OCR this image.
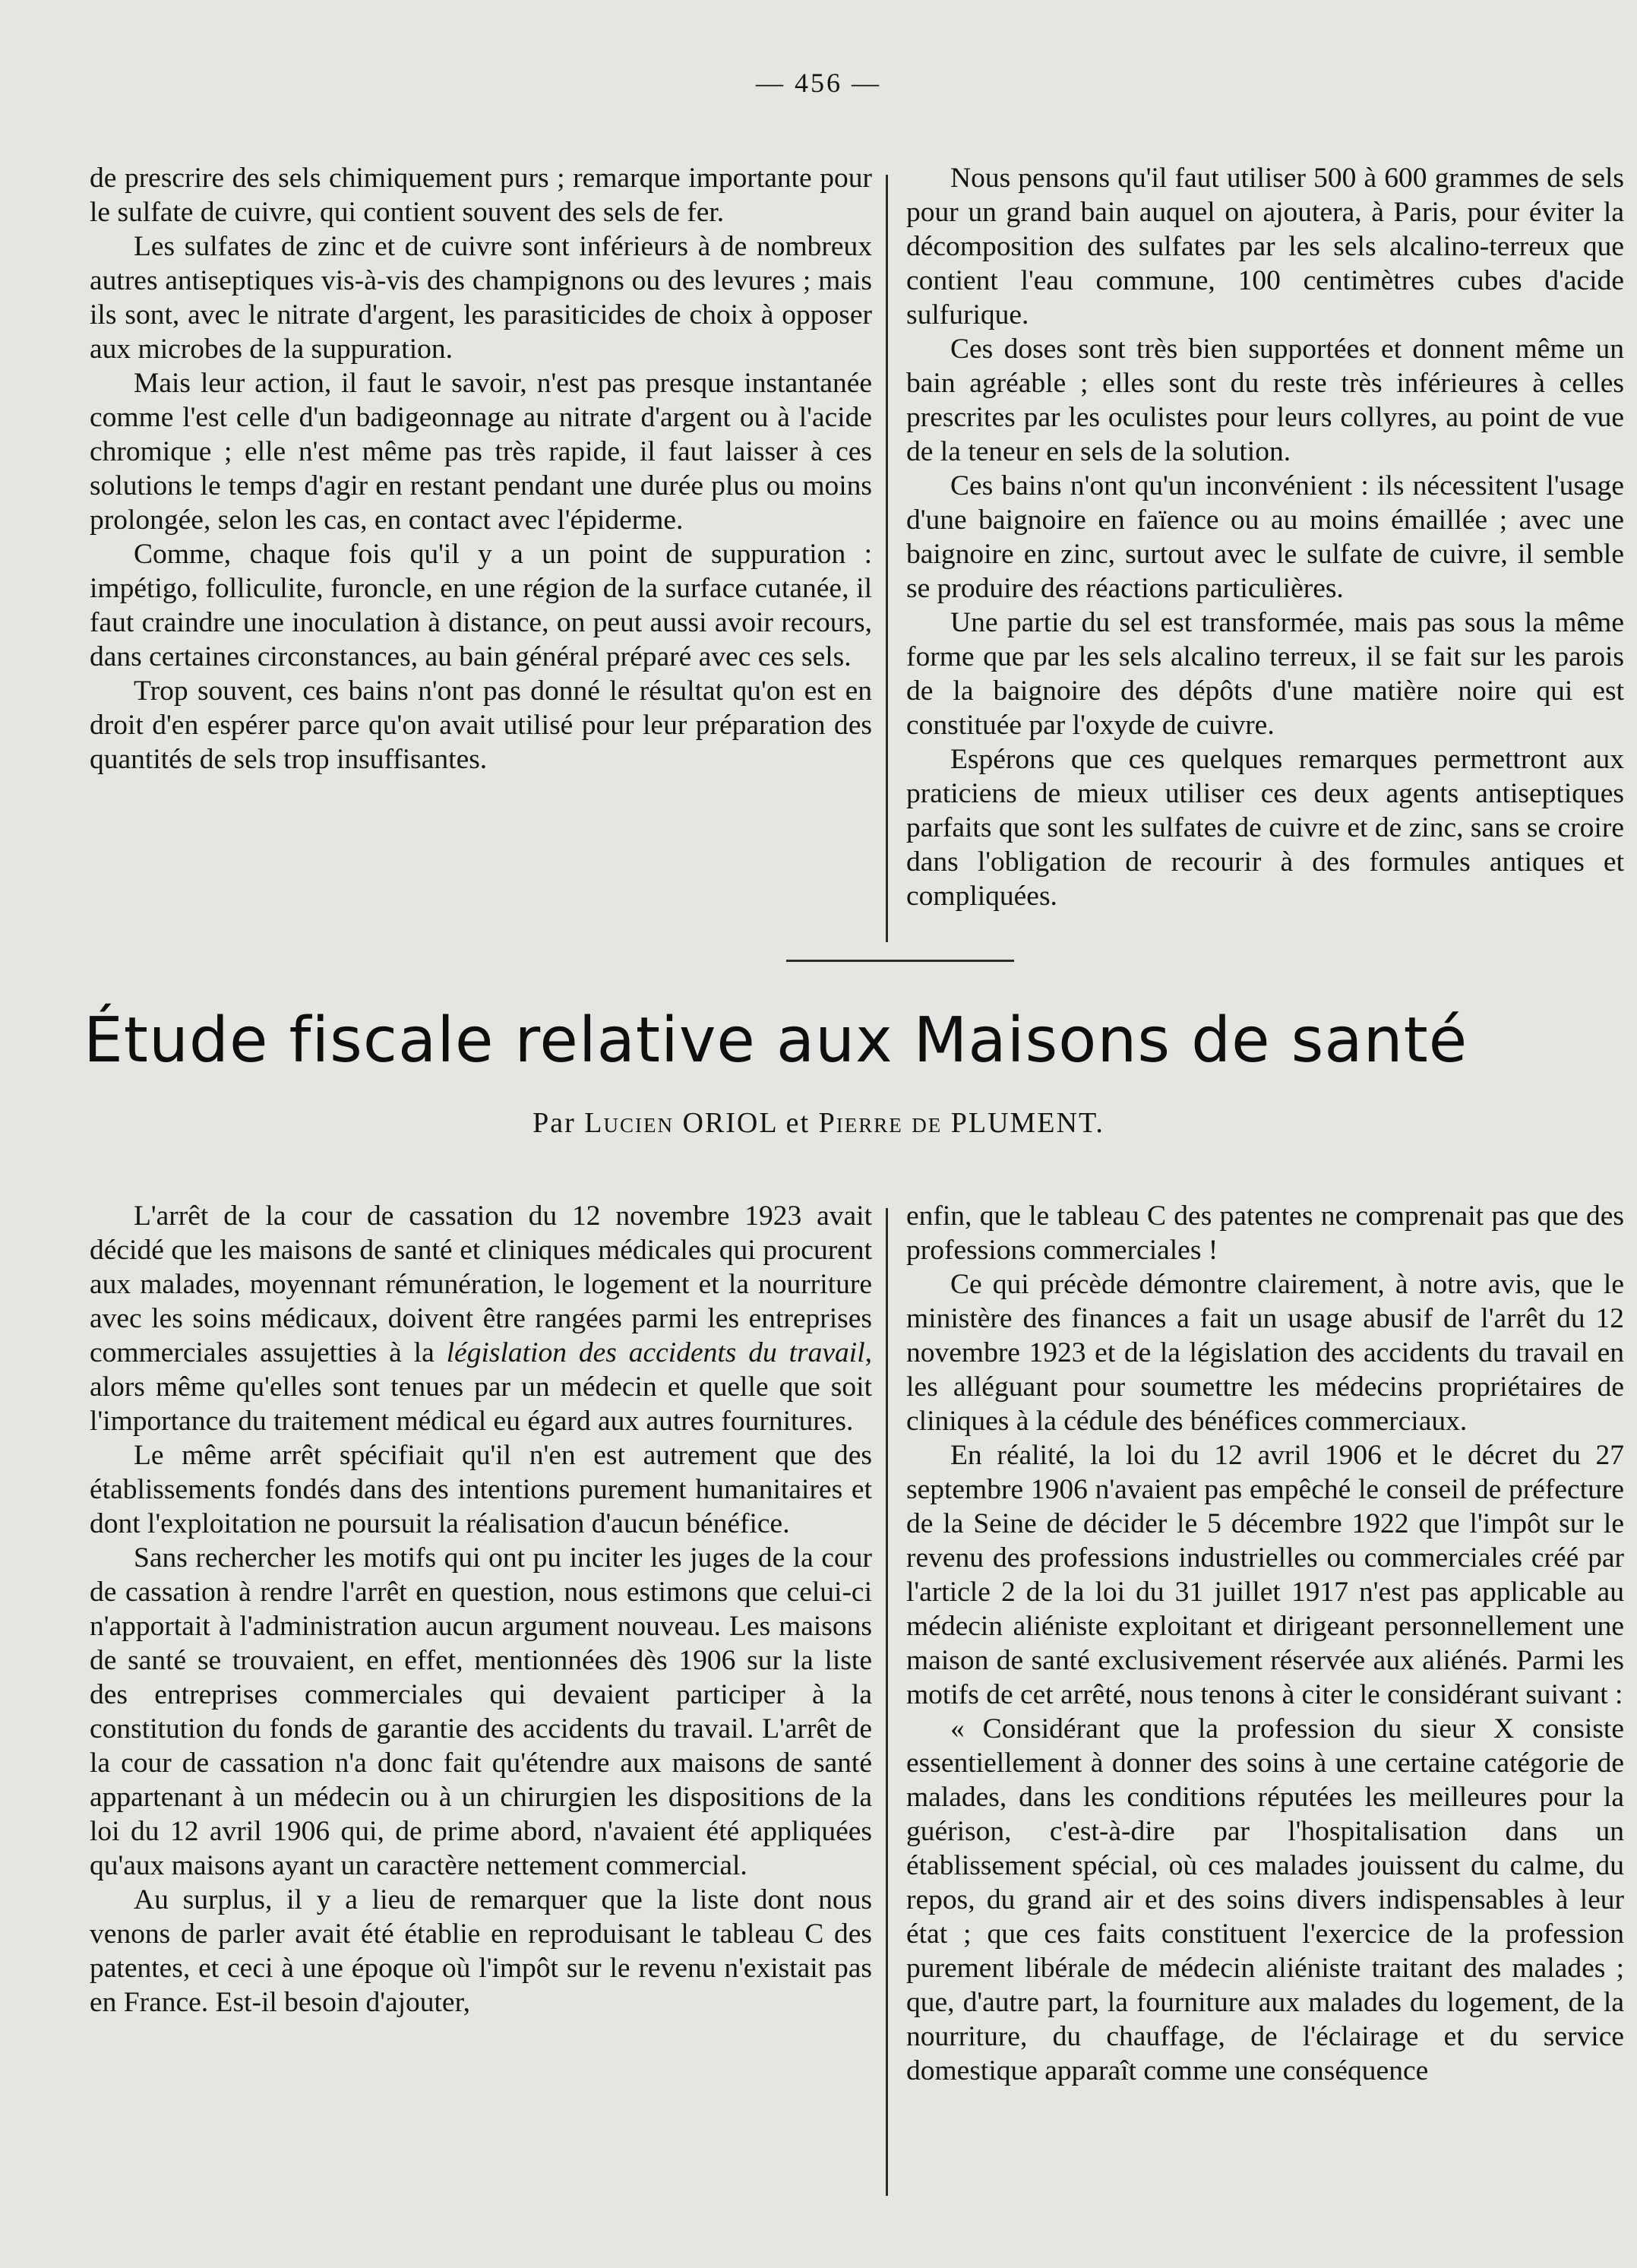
— 456 —

de prescrire des sels chimiquement purs ; remarque importante pour le sulfate de cuivre, qui contient souvent des sels de fer.

Les sulfates de zinc et de cuivre sont inférieurs à de nombreux autres antiseptiques vis-à-vis des champignons ou des levures ; mais ils sont, avec le nitrate d'argent, les parasiticides de choix à opposer aux microbes de la suppuration.

Mais leur action, il faut le savoir, n'est pas presque instantanée comme l'est celle d'un badigeonnage au nitrate d'argent ou à l'acide chromique ; elle n'est même pas très rapide, il faut laisser à ces solutions le temps d'agir en restant pendant une durée plus ou moins prolongée, selon les cas, en contact avec l'épiderme.

Comme, chaque fois qu'il y a un point de suppuration : impétigo, folliculite, furoncle, en une région de la surface cutanée, il faut craindre une inoculation à distance, on peut aussi avoir recours, dans certaines circonstances, au bain général préparé avec ces sels.

Trop souvent, ces bains n'ont pas donné le résultat qu'on est en droit d'en espérer parce qu'on avait utilisé pour leur préparation des quantités de sels trop insuffisantes.

Nous pensons qu'il faut utiliser 500 à 600 grammes de sels pour un grand bain auquel on ajoutera, à Paris, pour éviter la décomposition des sulfates par les sels alcalino-terreux que contient l'eau commune, 100 centimètres cubes d'acide sulfurique.

Ces doses sont très bien supportées et donnent même un bain agréable ; elles sont du reste très inférieures à celles prescrites par les oculistes pour leurs collyres, au point de vue de la teneur en sels de la solution.

Ces bains n'ont qu'un inconvénient : ils nécessitent l'usage d'une baignoire en faïence ou au moins émaillée ; avec une baignoire en zinc, surtout avec le sulfate de cuivre, il semble se produire des réactions particulières.

Une partie du sel est transformée, mais pas sous la même forme que par les sels alcalino terreux, il se fait sur les parois de la baignoire des dépôts d'une matière noire qui est constituée par l'oxyde de cuivre.

Espérons que ces quelques remarques permettront aux praticiens de mieux utiliser ces deux agents antiseptiques parfaits que sont les sulfates de cuivre et de zinc, sans se croire dans l'obligation de recourir à des formules antiques et compliquées.

Étude fiscale relative aux Maisons de santé
Par Lucien ORIOL et Pierre de PLUMENT.

L'arrêt de la cour de cassation du 12 novembre 1923 avait décidé que les maisons de santé et cliniques médicales qui procurent aux malades, moyennant rémunération, le logement et la nourriture avec les soins médicaux, doivent être rangées parmi les entreprises commerciales assujetties à la législation des accidents du travail, alors même qu'elles sont tenues par un médecin et quelle que soit l'importance du traitement médical eu égard aux autres fournitures.

Le même arrêt spécifiait qu'il n'en est autrement que des établissements fondés dans des intentions purement humanitaires et dont l'exploitation ne poursuit la réalisation d'aucun bénéfice.

Sans rechercher les motifs qui ont pu inciter les juges de la cour de cassation à rendre l'arrêt en question, nous estimons que celui-ci n'apportait à l'administration aucun argument nouveau. Les maisons de santé se trouvaient, en effet, mentionnées dès 1906 sur la liste des entreprises commerciales qui devaient participer à la constitution du fonds de garantie des accidents du travail. L'arrêt de la cour de cassation n'a donc fait qu'étendre aux maisons de santé appartenant à un médecin ou à un chirurgien les dispositions de la loi du 12 avril 1906 qui, de prime abord, n'avaient été appliquées qu'aux maisons ayant un caractère nettement commercial.

Au surplus, il y a lieu de remarquer que la liste dont nous venons de parler avait été établie en reproduisant le tableau C des patentes, et ceci à une époque où l'impôt sur le revenu n'existait pas en France. Est-il besoin d'ajouter,

enfin, que le tableau C des patentes ne comprenait pas que des professions commerciales !

Ce qui précède démontre clairement, à notre avis, que le ministère des finances a fait un usage abusif de l'arrêt du 12 novembre 1923 et de la législation des accidents du travail en les alléguant pour soumettre les médecins propriétaires de cliniques à la cédule des bénéfices commerciaux.

En réalité, la loi du 12 avril 1906 et le décret du 27 septembre 1906 n'avaient pas empêché le conseil de préfecture de la Seine de décider le 5 décembre 1922 que l'impôt sur le revenu des professions industrielles ou commerciales créé par l'article 2 de la loi du 31 juillet 1917 n'est pas applicable au médecin aliéniste exploitant et dirigeant personnellement une maison de santé exclusivement réservée aux aliénés. Parmi les motifs de cet arrêté, nous tenons à citer le considérant suivant :

« Considérant que la profession du sieur X consiste essentiellement à donner des soins à une certaine catégorie de malades, dans les conditions réputées les meilleures pour la guérison, c'est-à-dire par l'hospitalisation dans un établissement spécial, où ces malades jouissent du calme, du repos, du grand air et des soins divers indispensables à leur état ; que ces faits constituent l'exercice de la profession purement libérale de médecin aliéniste traitant des malades ; que, d'autre part, la fourniture aux malades du logement, de la nourriture, du chauffage, de l'éclairage et du service domestique apparaît comme une conséquence
